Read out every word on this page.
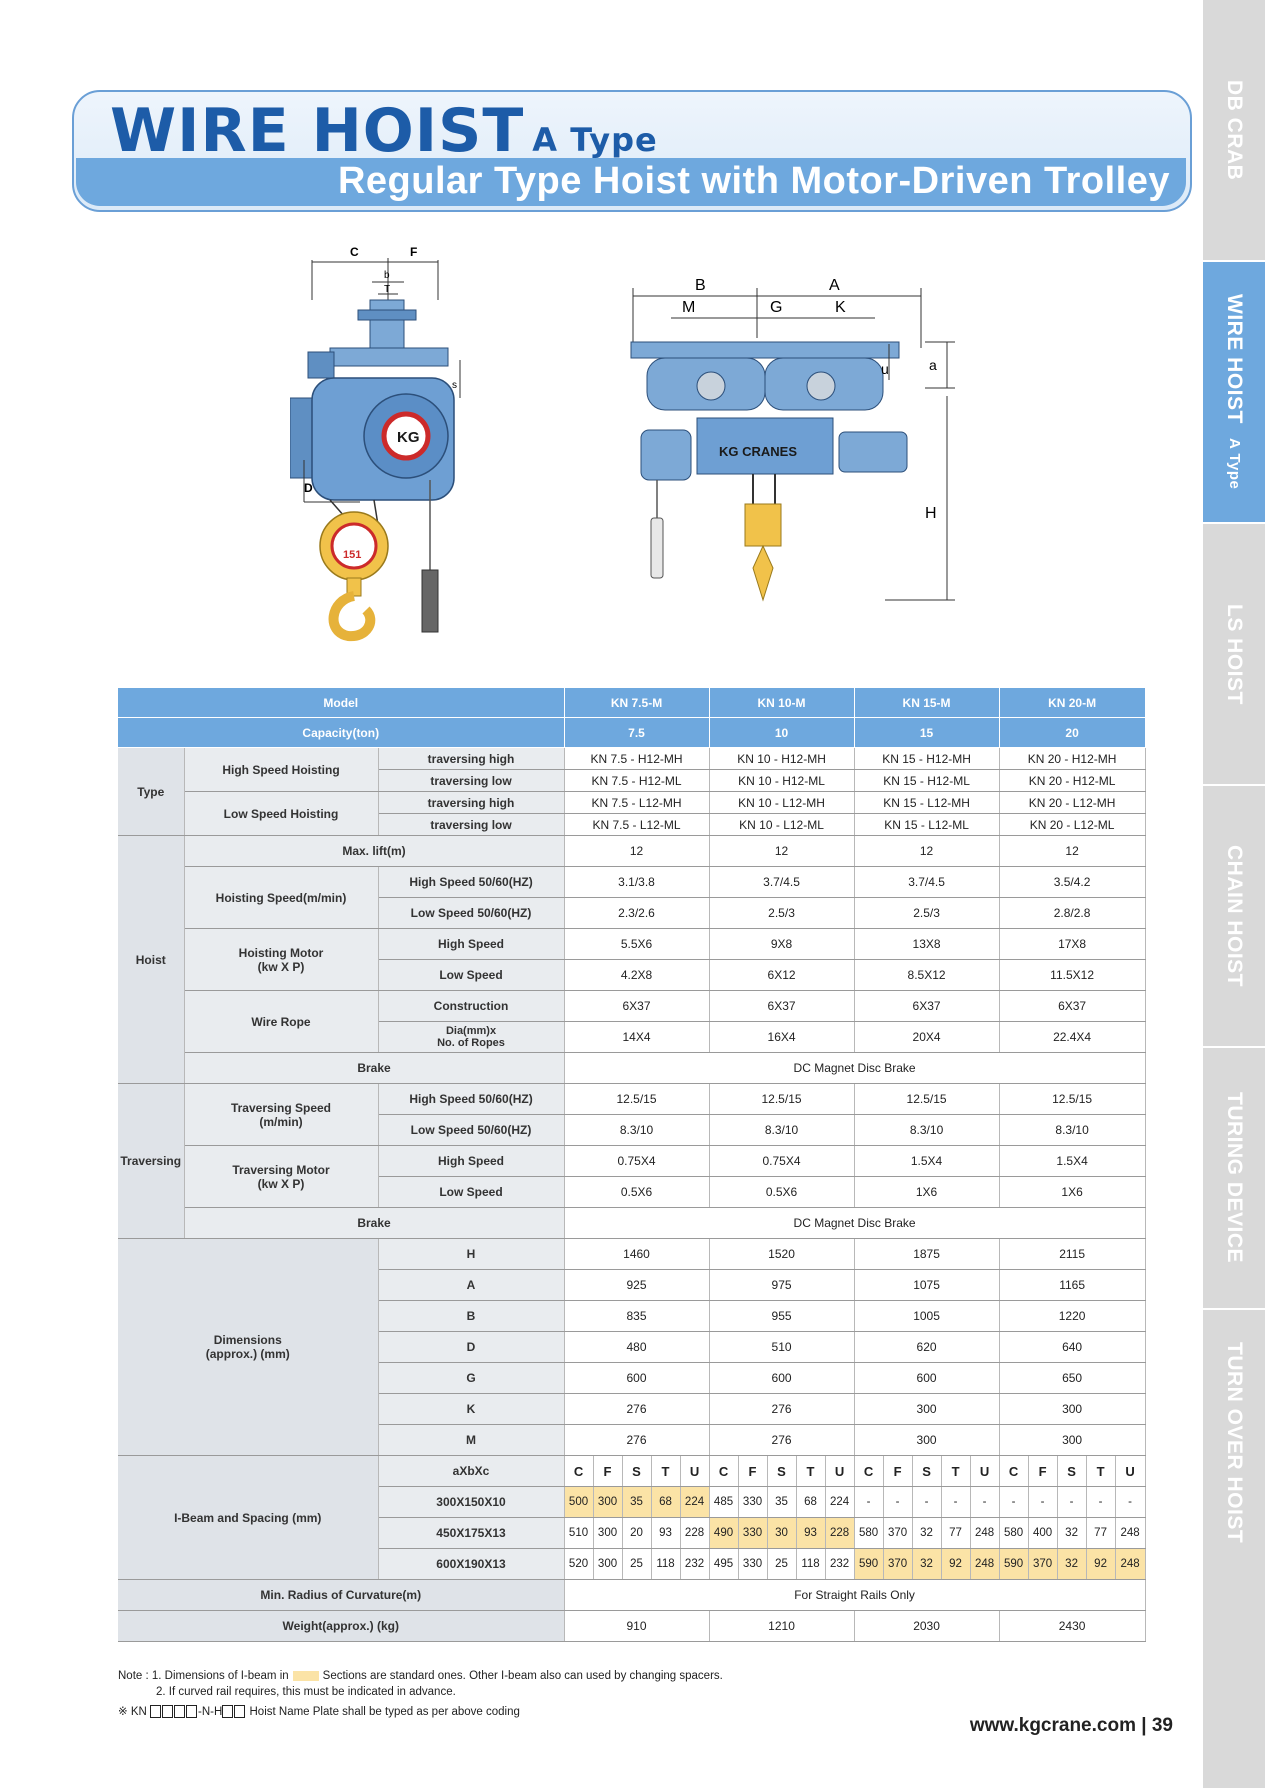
DB CRAB
WIRE HOIST A Type
LS HOIST
CHAIN HOIST
TURING DEVICE
TURN OVER HOIST
WIRE HOIST A Type
Regular Type Hoist with Motor-Driven Trolley
C	F
b
T
s
KG
D
151
B	A
M	G	K
u	a
KG CRANES
H
Model			KN 7.5-M					KN 10-M					KN 15-M					KN 20-M				
Capacity(ton)			7.5					10					15					20				
Type	High Speed Hoisting	traversing high	KN 7.5 - H12-MH					KN 10 - H12-MH					KN 15 - H12-MH					KN 20 - H12-MH				
		traversing low	KN 7.5 - H12-ML					KN 10 - H12-ML					KN 15 - H12-ML					KN 20 - H12-ML				
	Low Speed Hoisting	traversing high	KN 7.5 - L12-MH					KN 10 - L12-MH					KN 15 - L12-MH					KN 20 - L12-MH				
		traversing low	KN 7.5 - L12-ML					KN 10 - L12-ML					KN 15 - L12-ML					KN 20 - L12-ML				
Hoist	Max. lift(m)		12					12					12					12				
	Hoisting Speed(m/min)	High Speed 50/60(HZ)	3.1/3.8					3.7/4.5					3.7/4.5					3.5/4.2				
		Low Speed 50/60(HZ)	2.3/2.6					2.5/3					2.5/3					2.8/2.8				
	Hoisting Motor
(kw X P)	High Speed	5.5X6					9X8					13X8					17X8				
		Low Speed	4.2X8					6X12					8.5X12					11.5X12				
	Wire Rope	Construction	6X37					6X37					6X37					6X37				
		Dia(mm)x
No. of Ropes	14X4					16X4					20X4					22.4X4				
	Brake		DC Magnet Disc Brake																			
Traversing	Traversing Speed
(m/min)	High Speed 50/60(HZ)	12.5/15					12.5/15					12.5/15					12.5/15				
		Low Speed 50/60(HZ)	8.3/10					8.3/10					8.3/10					8.3/10				
	Traversing Motor
(kw X P)	High Speed	0.75X4					0.75X4					1.5X4					1.5X4				
		Low Speed	0.5X6					0.5X6					1X6					1X6				
	Brake		DC Magnet Disc Brake																			
Dimensions
(approx.) (mm)		H	1460					1520					1875					2115				
		A	925					975					1075					1165				
		B	835					955					1005					1220				
		D	480					510					620					640				
		G	600					600					600					650				
		K	276					276					300					300				
		M	276					276					300					300				
I-Beam and Spacing (mm)		aXbXc	C	F	S	T	U	C	F	S	T	U	C	F	S	T	U	C	F	S	T	U
		300X150X10	500	300	35	68	224	485	330	35	68	224	-	-	-	-	-	-	-	-	-	-
		450X175X13	510	300	20	93	228	490	330	30	93	228	580	370	32	77	248	580	400	32	77	248
		600X190X13	520	300	25	118	232	495	330	25	118	232	590	370	32	92	248	590	370	32	92	248
Min. Radius of Curvature(m)			For Straight Rails Only																			
Weight(approx.) (kg)			910					1210					2030					2430				
Note : 1. Dimensions of I-beam in	Sections are standard ones. Other I-beam also can used by changing spacers.
2. If curved rail requires, this must be indicated in advance.
※ KN	-N-H Hoist Name Plate shall be typed as per above coding
www.kgcrane.com | 39
